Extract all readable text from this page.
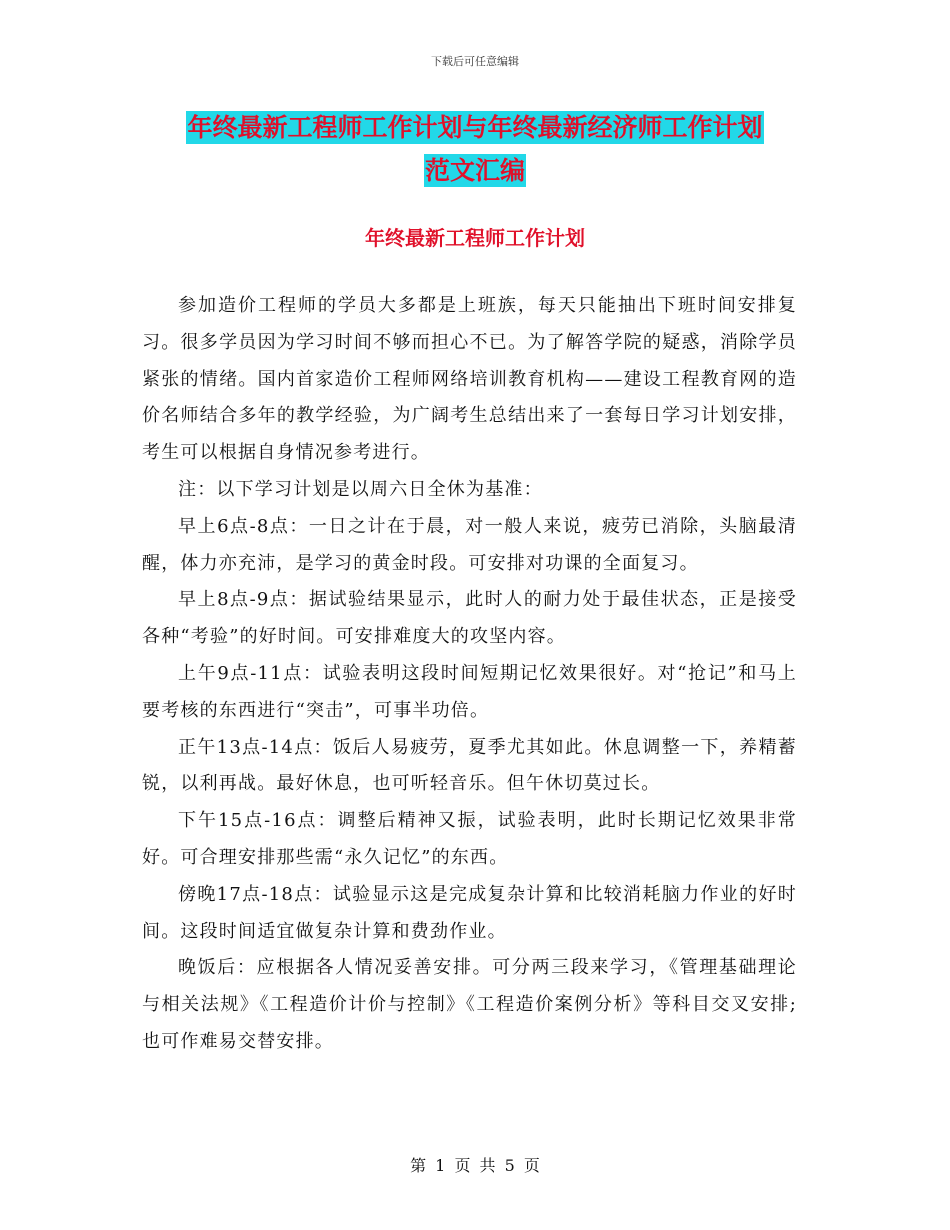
下载后可任意编辑
年终最新工程师工作计划与年终最新经济师工作计划
范文汇编
年终最新工程师工作计划

参加造价工程师的学员大多都是上班族，每天只能抽出下班时间安排复习。很多学员因为学习时间不够而担心不已。为了解答学院的疑惑，消除学员紧张的情绪。国内首家造价工程师网络培训教育机构——建设工程教育网的造价名师结合多年的教学经验，为广阔考生总结出来了一套每日学习计划安排，考生可以根据自身情况参考进行。

注：以下学习计划是以周六日全休为基准：

早上6点-8点：一日之计在于晨，对一般人来说，疲劳已消除，头脑最清醒，体力亦充沛，是学习的黄金时段。可安排对功课的全面复习。

早上8点-9点：据试验结果显示，此时人的耐力处于最佳状态，正是接受各种“考验”的好时间。可安排难度大的攻坚内容。

上午9点-11点：试验表明这段时间短期记忆效果很好。对“抢记”和马上要考核的东西进行“突击”，可事半功倍。

正午13点-14点：饭后人易疲劳，夏季尤其如此。休息调整一下，养精蓄锐，以利再战。最好休息，也可听轻音乐。但午休切莫过长。

下午15点-16点：调整后精神又振，试验表明，此时长期记忆效果非常好。可合理安排那些需“永久记忆”的东西。

傍晚17点-18点：试验显示这是完成复杂计算和比较消耗脑力作业的好时间。这段时间适宜做复杂计算和费劲作业。

晚饭后：应根据各人情况妥善安排。可分两三段来学习，《管理基础理论与相关法规》《工程造价计价与控制》《工程造价案例分析》等科目交叉安排;也可作难易交替安排。

第 1 页 共 5 页
